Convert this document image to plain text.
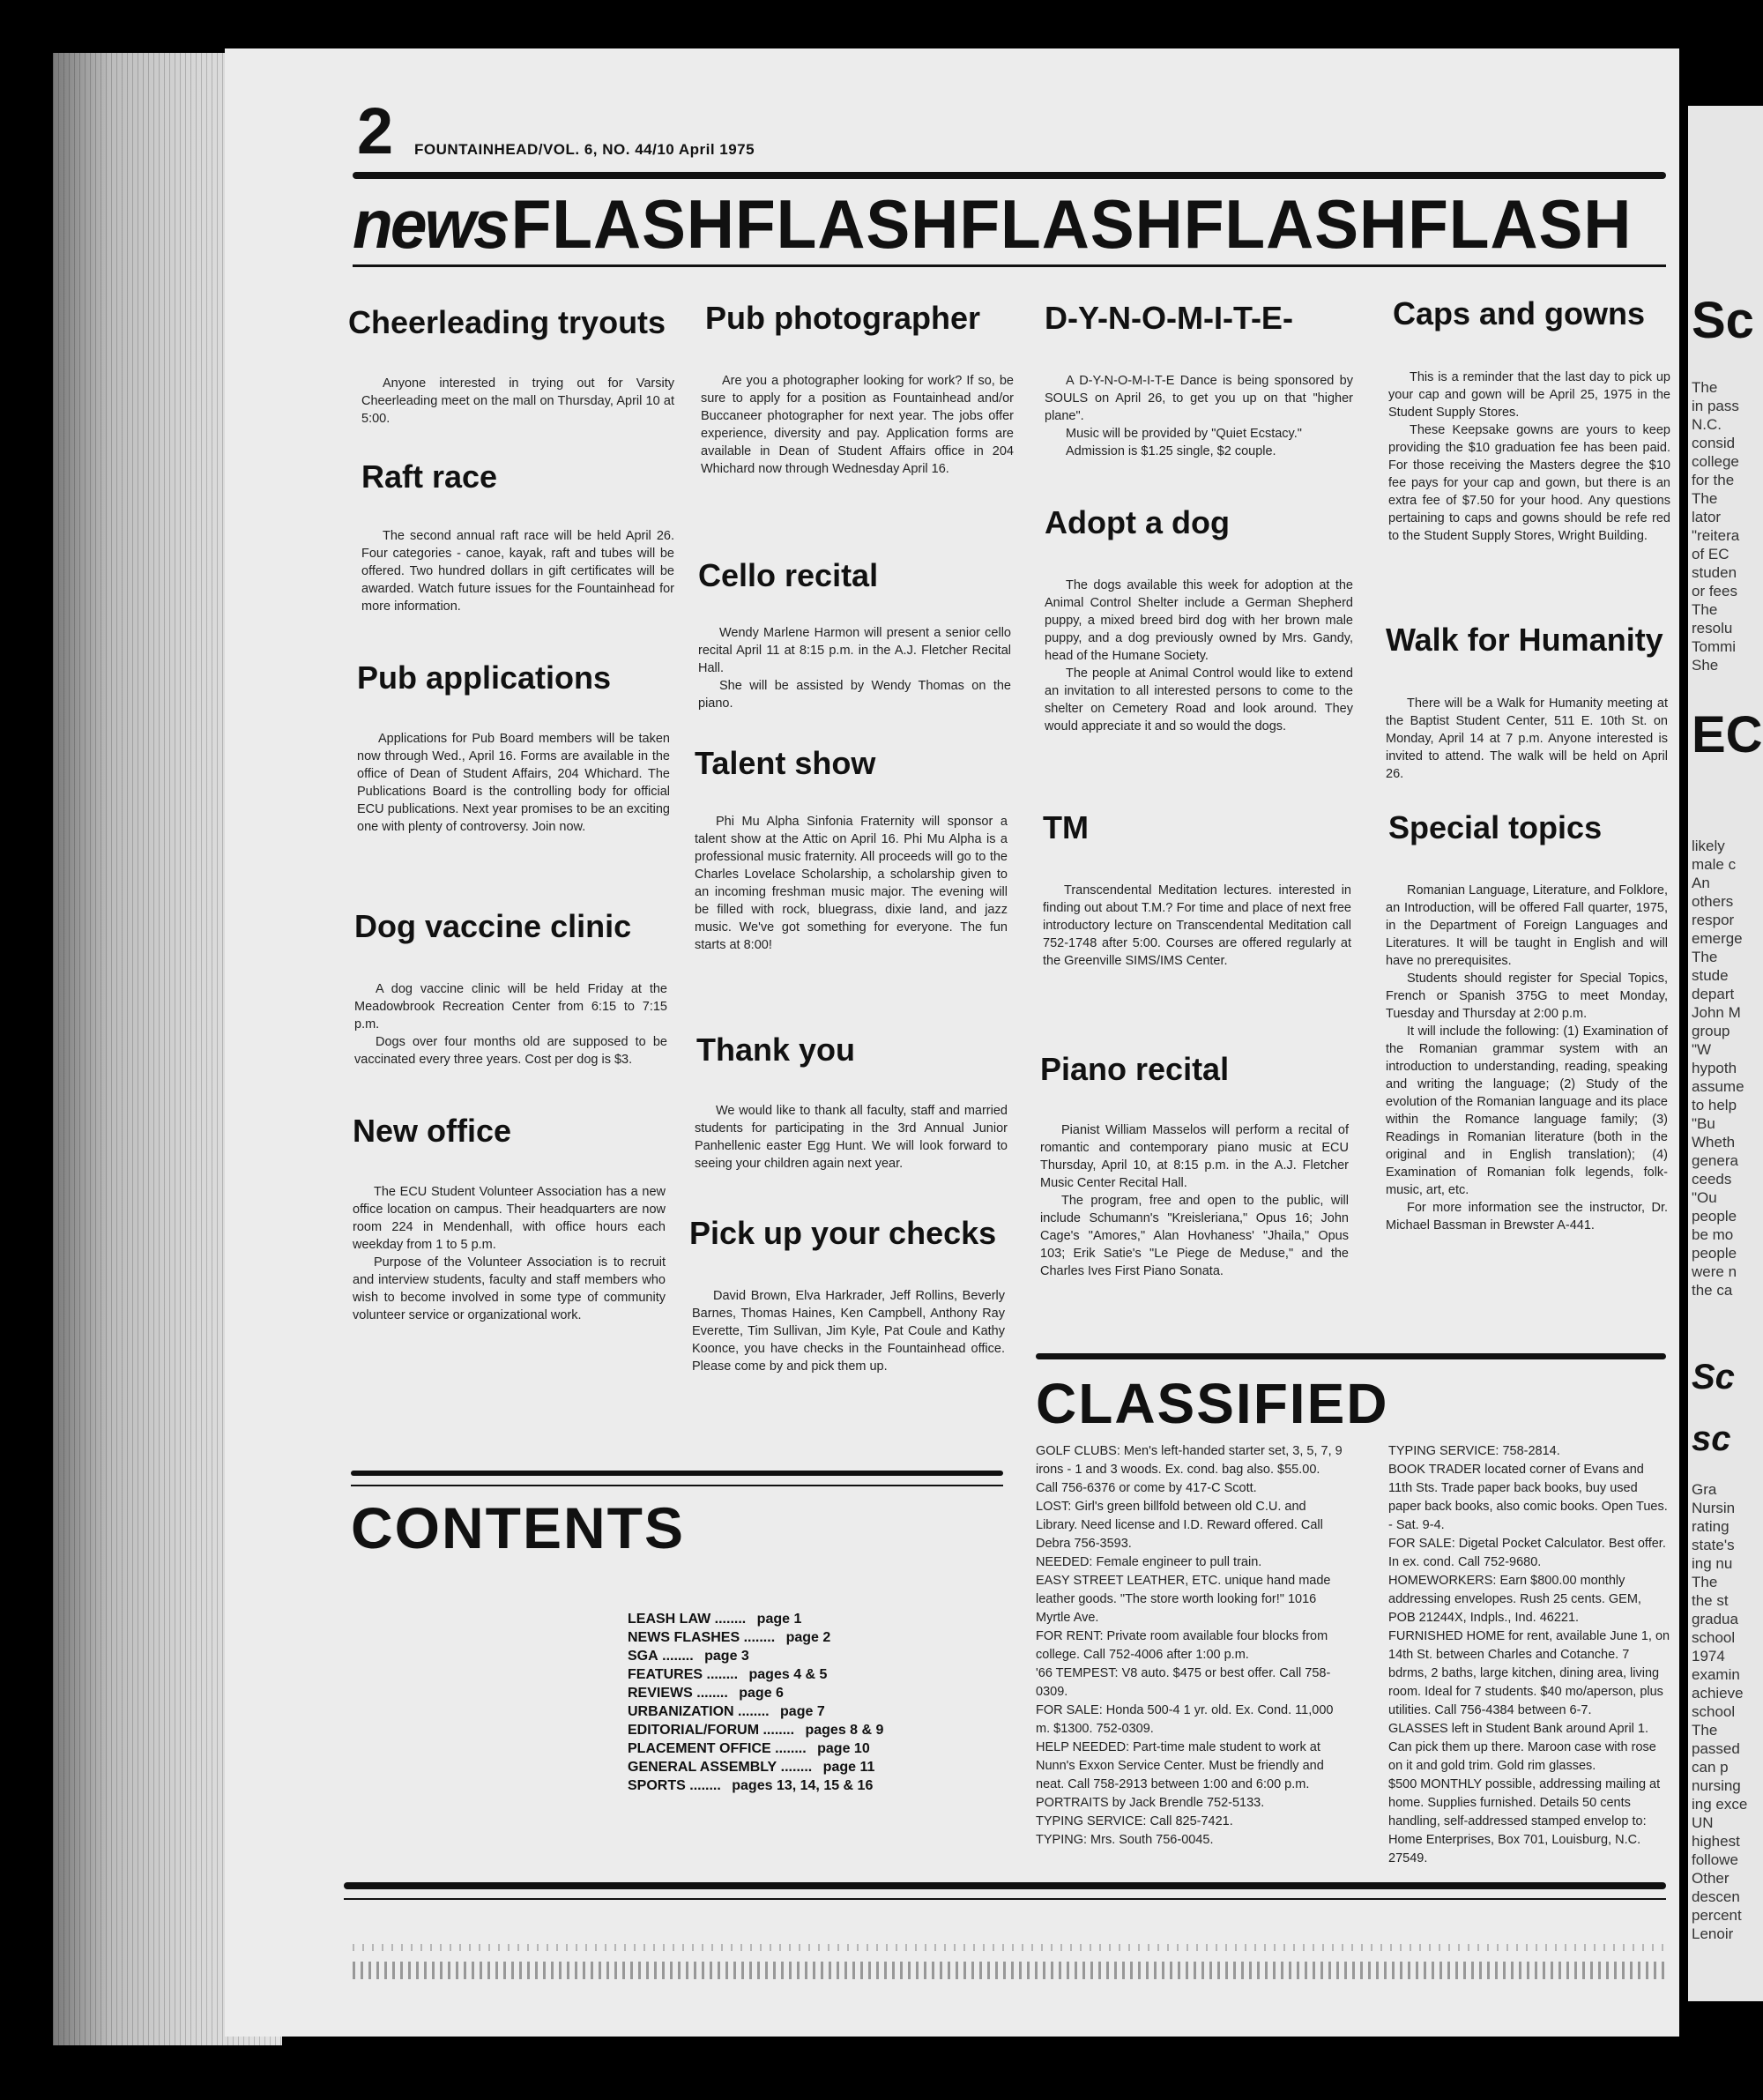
Sc

The

in pass

N.C.

consid

college

for the

The

lator

"reitera

of EC

studen

or fees

The

resolu

Tommi

She

EC

likely

male c

An

others

respor

emerge

The

stude

depart

John M

group

"W

hypoth

assume

to help

"Bu

Wheth

genera

ceeds

"Ou

people

be mo

people

were n

the ca

Sc

sc

Gra

Nursin

rating

state's

ing nu

The

the st

gradua

school

1974

examin

achieve

school

The

passed

can p

nursing

ing exce

UN

highest

followe

Other

descen

percent

Lenoir

2 FOUNTAINHEAD/VOL. 6, NO. 44/10 April 1975

newsFLASHFLASHFLASHFLASHFLASH

Cheerleading tryouts

Anyone interested in trying out for Varsity Cheerleading meet on the mall on Thursday, April 10 at 5:00.

Raft race

The second annual raft race will be held April 26. Four categories - canoe, kayak, raft and tubes will be offered. Two hundred dollars in gift certificates will be awarded. Watch future issues for the Fountainhead for more information.

Pub applications

Applications for Pub Board members will be taken now through Wed., April 16. Forms are available in the office of Dean of Student Affairs, 204 Whichard. The Publications Board is the controlling body for official ECU publications. Next year promises to be an exciting one with plenty of controversy. Join now.

Dog vaccine clinic

A dog vaccine clinic will be held Friday at the Meadowbrook Recreation Center from 6:15 to 7:15 p.m.
Dogs over four months old are supposed to be vaccinated every three years. Cost per dog is $3.

New office

The ECU Student Volunteer Association has a new office location on campus. Their headquarters are now room 224 in Mendenhall, with office hours each weekday from 1 to 5 p.m.
Purpose of the Volunteer Association is to recruit and interview students, faculty and staff members who wish to become involved in some type of community volunteer service or organizational work.

Pub photographer

Are you a photographer looking for work? If so, be sure to apply for a position as Fountainhead and/or Buccaneer photographer for next year. The jobs offer experience, diversity and pay. Application forms are available in Dean of Student Affairs office in 204 Whichard now through Wednesday April 16.

Cello recital

Wendy Marlene Harmon will present a senior cello recital April 11 at 8:15 p.m. in the A.J. Fletcher Recital Hall.
She will be assisted by Wendy Thomas on the piano.

Talent show

Phi Mu Alpha Sinfonia Fraternity will sponsor a talent show at the Attic on April 16. Phi Mu Alpha is a professional music fraternity. All proceeds will go to the Charles Lovelace Scholarship, a scholarship given to an incoming freshman music major. The evening will be filled with rock, bluegrass, dixie land, and jazz music. We've got something for everyone. The fun starts at 8:00!

Thank you

We would like to thank all faculty, staff and married students for participating in the 3rd Annual Junior Panhellenic easter Egg Hunt. We will look forward to seeing your children again next year.

Pick up your checks

David Brown, Elva Harkrader, Jeff Rollins, Beverly Barnes, Thomas Haines, Ken Campbell, Anthony Ray Everette, Tim Sullivan, Jim Kyle, Pat Coule and Kathy Koonce, you have checks in the Fountainhead office. Please come by and pick them up.

D-Y-N-O-M-I-T-E-

A D-Y-N-O-M-I-T-E Dance is being sponsored by SOULS on April 26, to get you up on that "higher plane".
Music will be provided by "Quiet Ecstacy."
Admission is $1.25 single, $2 couple.

Adopt a dog

The dogs available this week for adoption at the Animal Control Shelter include a German Shepherd puppy, a mixed breed bird dog with her brown male puppy, and a dog previously owned by Mrs. Gandy, head of the Humane Society.
The people at Animal Control would like to extend an invitation to all interested persons to come to the shelter on Cemetery Road and look around. They would appreciate it and so would the dogs.

TM

Transcendental Meditation lectures. interested in finding out about T.M.? For time and place of next free introductory lecture on Transcendental Meditation call 752-1748 after 5:00. Courses are offered regularly at the Greenville SIMS/IMS Center.

Piano recital

Pianist William Masselos will perform a recital of romantic and contemporary piano music at ECU Thursday, April 10, at 8:15 p.m. in the A.J. Fletcher Music Center Recital Hall.
The program, free and open to the public, will include Schumann's "Kreisleriana," Opus 16; John Cage's "Amores," Alan Hovhaness' "Jhaila," Opus 103; Erik Satie's "Le Piege de Meduse," and the Charles Ives First Piano Sonata.

Caps and gowns

This is a reminder that the last day to pick up your cap and gown will be April 25, 1975 in the Student Supply Stores.
These Keepsake gowns are yours to keep providing the $10 graduation fee has been paid. For those receiving the Masters degree the $10 fee pays for your cap and gown, but there is an extra fee of $7.50 for your hood. Any questions pertaining to caps and gowns should be refe red to the Student Supply Stores, Wright Building.

Walk for Humanity

There will be a Walk for Humanity meeting at the Baptist Student Center, 511 E. 10th St. on Monday, April 14 at 7 p.m. Anyone interested is invited to attend. The walk will be held on April 26.

Special topics

Romanian Language, Literature, and Folklore, an Introduction, will be offered Fall quarter, 1975, in the Department of Foreign Languages and Literatures. It will be taught in English and will have no prerequisites.
Students should register for Special Topics, French or Spanish 375G to meet Monday, Tuesday and Thursday at 2:00 p.m.
It will include the following: (1) Examination of the Romanian grammar system with an introduction to understanding, reading, speaking and writing the language; (2) Study of the evolution of the Romanian language and its place within the Romance language family; (3) Readings in Romanian literature (both in the original and in English translation); (4) Examination of Romanian folk legends, folk-music, art, etc.
For more information see the instructor, Dr. Michael Bassman in Brewster A-441.

CLASSIFIED

GOLF CLUBS: Men's left-handed starter set, 3, 5, 7, 9 irons - 1 and 3 woods. Ex. cond. bag also. $55.00. Call 756-6376 or come by 417-C Scott.
LOST: Girl's green billfold between old C.U. and Library. Need license and I.D. Reward offered. Call Debra 756-3593.
NEEDED: Female engineer to pull train.
EASY STREET LEATHER, ETC. unique hand made leather goods. "The store worth looking for!" 1016 Myrtle Ave.
FOR RENT: Private room available four blocks from college. Call 752-4006 after 1:00 p.m.
'66 TEMPEST: V8 auto. $475 or best offer. Call 758-0309.
FOR SALE: Honda 500-4 1 yr. old. Ex. Cond. 11,000 m. $1300. 752-0309.
HELP NEEDED: Part-time male student to work at Nunn's Exxon Service Center. Must be friendly and neat. Call 758-2913 between 1:00 and 6:00 p.m.
PORTRAITS by Jack Brendle 752-5133.
TYPING SERVICE: Call 825-7421.
TYPING: Mrs. South 756-0045.
TYPING SERVICE: 758-2814.
BOOK TRADER located corner of Evans and 11th Sts. Trade paper back books, buy used paper back books, also comic books. Open Tues. - Sat. 9-4.
FOR SALE: Digetal Pocket Calculator. Best offer. In ex. cond. Call 752-9680.
HOMEWORKERS: Earn $800.00 monthly addressing envelopes. Rush 25 cents. GEM, POB 21244X, Indpls., Ind. 46221.
FURNISHED HOME for rent, available June 1, on 14th St. between Charles and Cotanche. 7 bdrms, 2 baths, large kitchen, dining area, living room. Ideal for 7 students. $40 mo/aperson, plus utilities. Call 756-4384 between 6-7.
GLASSES left in Student Bank around April 1. Can pick them up there. Maroon case with rose on it and gold trim. Gold rim glasses.
$500 MONTHLY possible, addressing mailing at home. Supplies furnished. Details 50 cents handling, self-addressed stamped envelop to: Home Enterprises, Box 701, Louisburg, N.C. 27549.

CONTENTS

LEASH LAW ........ page 1
NEWS FLASHES ........ page 2
SGA ........ page 3
FEATURES ........ pages 4 & 5
REVIEWS ........ page 6
URBANIZATION ........ page 7
EDITORIAL/FORUM ........ pages 8 & 9
PLACEMENT OFFICE ........ page 10
GENERAL ASSEMBLY ........ page 11
SPORTS ........ pages 13, 14, 15 & 16
